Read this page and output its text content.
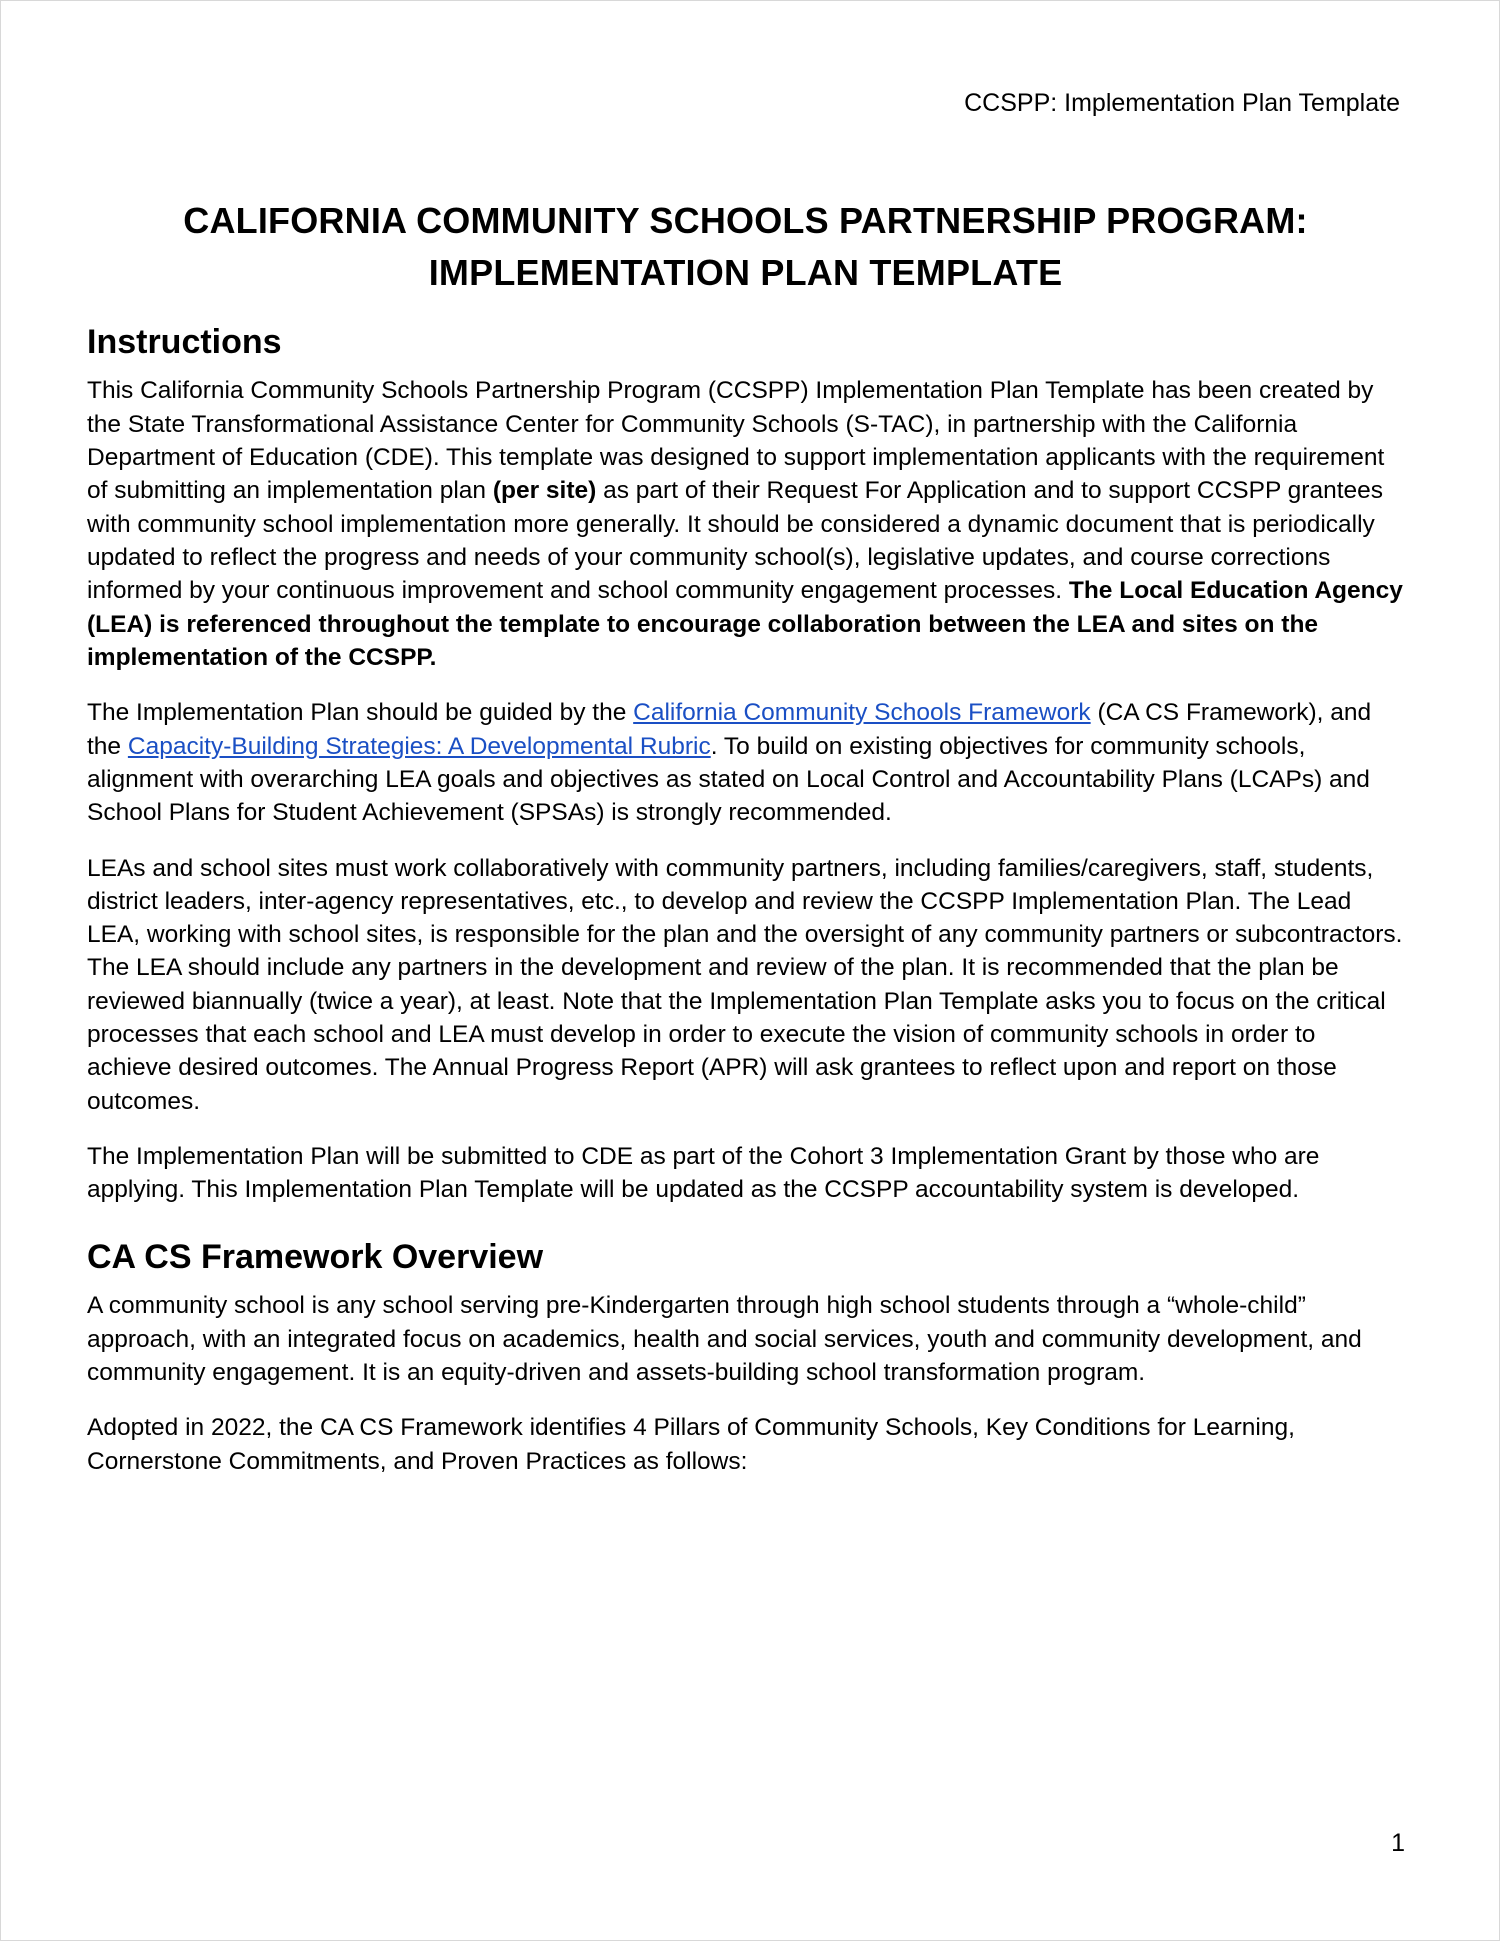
CCSPP: Implementation Plan Template
CALIFORNIA COMMUNITY SCHOOLS PARTNERSHIP PROGRAM:
IMPLEMENTATION PLAN TEMPLATE
Instructions

This California Community Schools Partnership Program (CCSPP) Implementation Plan Template has been created by the State Transformational Assistance Center for Community Schools (S-TAC), in partnership with the California Department of Education (CDE). This template was designed to support implementation applicants with the requirement of submitting an implementation plan (per site) as part of their Request For Application and to support CCSPP grantees with community school implementation more generally. It should be considered a dynamic document that is periodically updated to reflect the progress and needs of your community school(s), legislative updates, and course corrections informed by your continuous improvement and school community engagement processes. The Local Education Agency (LEA) is referenced throughout the template to encourage collaboration between the LEA and sites on the implementation of the CCSPP.

The Implementation Plan should be guided by the California Community Schools Framework (CA CS Framework), and the Capacity-Building Strategies: A Developmental Rubric. To build on existing objectives for community schools, alignment with overarching LEA goals and objectives as stated on Local Control and Accountability Plans (LCAPs) and School Plans for Student Achievement (SPSAs) is strongly recommended.

LEAs and school sites must work collaboratively with community partners, including families/caregivers, staff, students, district leaders, inter-agency representatives, etc., to develop and review the CCSPP Implementation Plan. The Lead LEA, working with school sites, is responsible for the plan and the oversight of any community partners or subcontractors. The LEA should include any partners in the development and review of the plan. It is recommended that the plan be reviewed biannually (twice a year), at least. Note that the Implementation Plan Template asks you to focus on the critical processes that each school and LEA must develop in order to execute the vision of community schools in order to achieve desired outcomes. The Annual Progress Report (APR) will ask grantees to reflect upon and report on those outcomes.

The Implementation Plan will be submitted to CDE as part of the Cohort 3 Implementation Grant by those who are applying. This Implementation Plan Template will be updated as the CCSPP accountability system is developed.

CA CS Framework Overview

A community school is any school serving pre-Kindergarten through high school students through a “whole-child” approach, with an integrated focus on academics, health and social services, youth and community development, and community engagement. It is an equity-driven and assets-building school transformation program.

Adopted in 2022, the CA CS Framework identifies 4 Pillars of Community Schools, Key Conditions for Learning, Cornerstone Commitments, and Proven Practices as follows:

1
